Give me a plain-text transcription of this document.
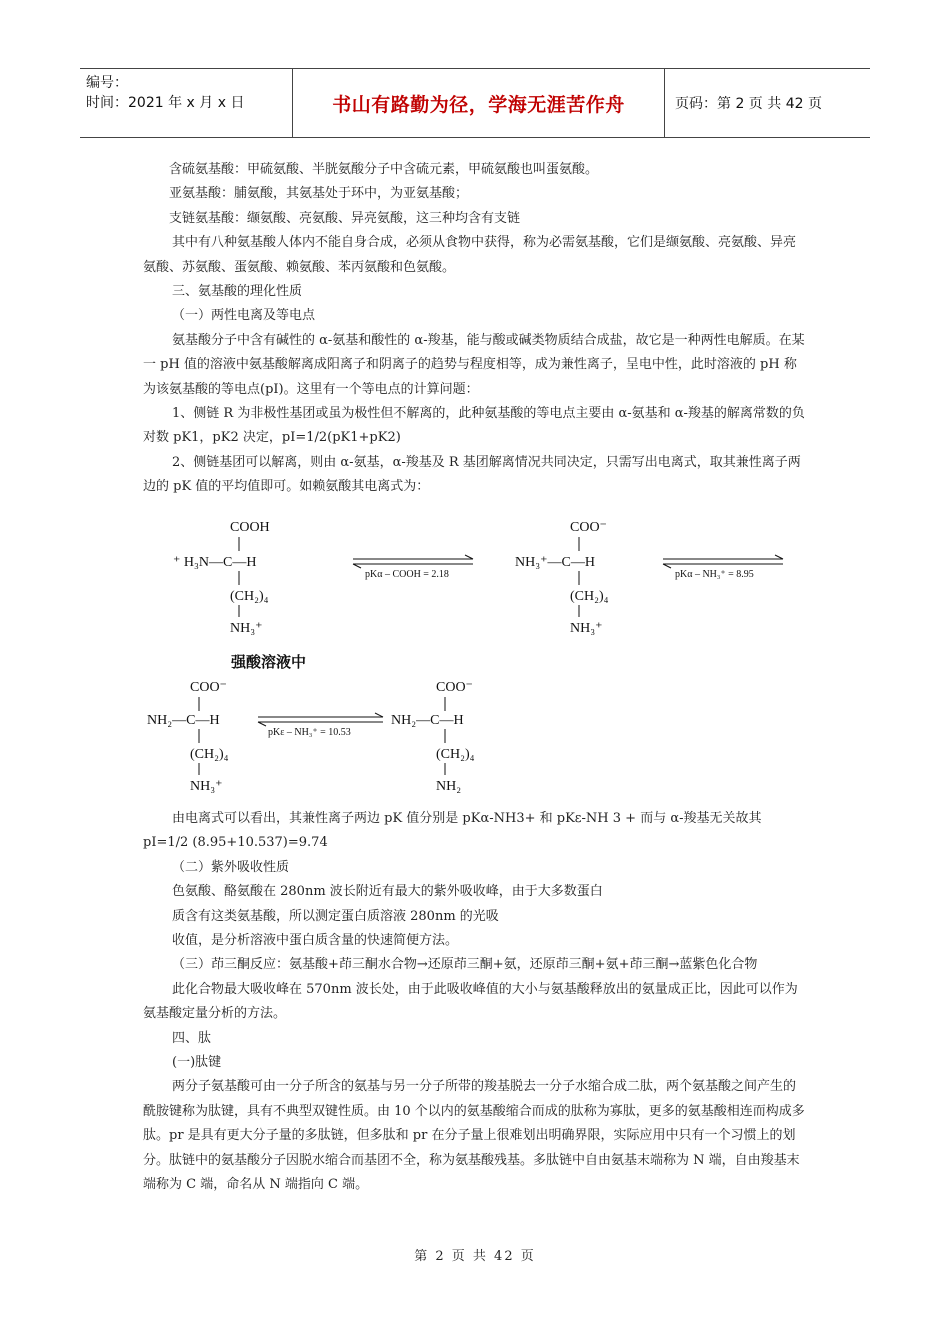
编号：
时间：2021 年 x 月 x 日	书山有路勤为径，学海无涯苦作舟	页码：第 2 页 共 42 页

含硫氨基酸：甲硫氨酸、半胱氨酸分子中含硫元素，甲硫氨酸也叫蛋氨酸。

亚氨基酸：脯氨酸，其氨基处于环中，为亚氨基酸；

支链氨基酸：缬氨酸、亮氨酸、异亮氨酸，这三种均含有支链

其中有八种氨基酸人体内不能自身合成，必须从食物中获得，称为必需氨基酸，它们是缬氨酸、亮氨酸、异亮氨酸、苏氨酸、蛋氨酸、赖氨酸、苯丙氨酸和色氨酸。

三、氨基酸的理化性质

（一）两性电离及等电点

氨基酸分子中含有碱性的 α-氨基和酸性的 α-羧基，能与酸或碱类物质结合成盐，故它是一种两性电解质。在某一 pH 值的溶液中氨基酸解离成阳离子和阴离子的趋势与程度相等，成为兼性离子，呈电中性，此时溶液的 pH 称为该氨基酸的等电点(pI)。这里有一个等电点的计算问题：

1、侧链 R 为非极性基团或虽为极性但不解离的，此种氨基酸的等电点主要由 α-氨基和 α-羧基的解离常数的负对数 pK1，pK2 决定，pI=1/2(pK1+pK2)

2、侧链基团可以解离，则由 α-氨基，α-羧基及 R 基团解离情况共同决定，只需写出电离式，取其兼性离子两边的 pK 值的平均值即可。如赖氨酸其电离式为：

COOH
⁺ H₃N—C—H
(CH₂)₄
NH₃⁺
pKα – COOH = 2.18
COO⁻
NH₃⁺—C—H
(CH₂)₄
NH₃⁺
pKα – NH₃⁺ = 8.95
强酸溶液中
COO⁻
NH₂—C—H
(CH₂)₄
NH₃⁺
pKε – NH₃⁺ = 10.53
COO⁻
NH₂—C—H
(CH₂)₄
NH₂

由电离式可以看出，其兼性离子两边 pK 值分别是 pKα-NH3+ 和 pKε-NH 3 + 而与 α-羧基无关故其 pI=1/2 (8.95+10.537)=9.74

（二）紫外吸收性质

色氨酸、酪氨酸在 280nm 波长附近有最大的紫外吸收峰，由于大多数蛋白

质含有这类氨基酸，所以测定蛋白质溶液 280nm 的光吸

收值，是分析溶液中蛋白质含量的快速简便方法。

（三）茚三酮反应：氨基酸+茚三酮水合物→还原茚三酮+氨，还原茚三酮+氨+茚三酮→蓝紫色化合物

此化合物最大吸收峰在 570nm 波长处，由于此吸收峰值的大小与氨基酸释放出的氨量成正比，因此可以作为氨基酸定量分析的方法。

四、肽

(一)肽键

两分子氨基酸可由一分子所含的氨基与另一分子所带的羧基脱去一分子水缩合成二肽，两个氨基酸之间产生的酰胺键称为肽键，具有不典型双键性质。由 10 个以内的氨基酸缩合而成的肽称为寡肽，更多的氨基酸相连而构成多肽。pr 是具有更大分子量的多肽链，但多肽和 pr 在分子量上很难划出明确界限，实际应用中只有一个习惯上的划分。肽链中的氨基酸分子因脱水缩合而基团不全，称为氨基酸残基。多肽链中自由氨基末端称为 N 端，自由羧基末端称为 C 端，命名从 N 端指向 C 端。

第 2 页 共 42 页
